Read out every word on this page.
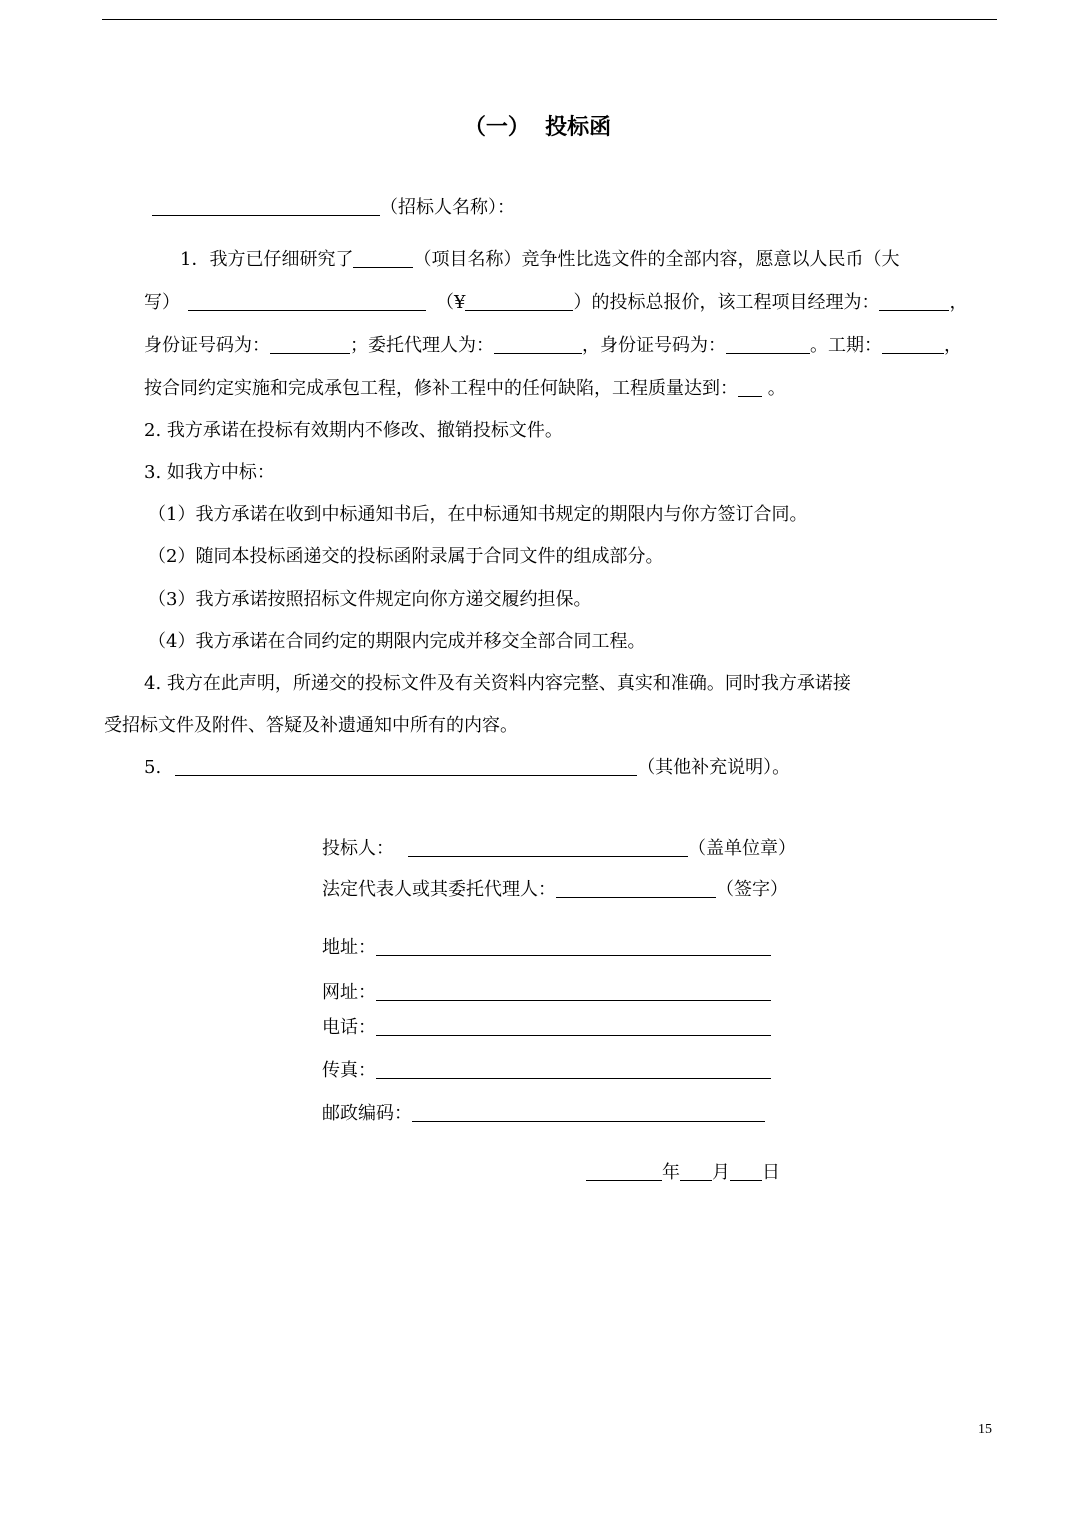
（一）  投标函
（招标人名称）：
1．我方已仔细研究了	（项目名称）竞争性比选文件的全部内容，愿意以人民币（大
写）	（¥	）的投标总报价，该工程项目经理为：	，
身份证号码为：	；委托代理人为：	，身份证号码为：	。工期：	，
按合同约定实施和完成承包工程，修补工程中的任何缺陷，工程质量达到： 。
2. 我方承诺在投标有效期内不修改、撤销投标文件。
3. 如我方中标：
（1）我方承诺在收到中标通知书后，在中标通知书规定的期限内与你方签订合同。
（2）随同本投标函递交的投标函附录属于合同文件的组成部分。
（3）我方承诺按照招标文件规定向你方递交履约担保。
（4）我方承诺在合同约定的期限内完成并移交全部合同工程。
4. 我方在此声明，所递交的投标文件及有关资料内容完整、真实和准确。同时我方承诺接
受招标文件及附件、答疑及补遗通知中所有的内容。
5.	（其他补充说明）。
投标人：	（盖单位章）
法定代表人或其委托代理人：	（签字）
地址：
网址：
电话：
传真：
邮政编码：
年 月 日
15
